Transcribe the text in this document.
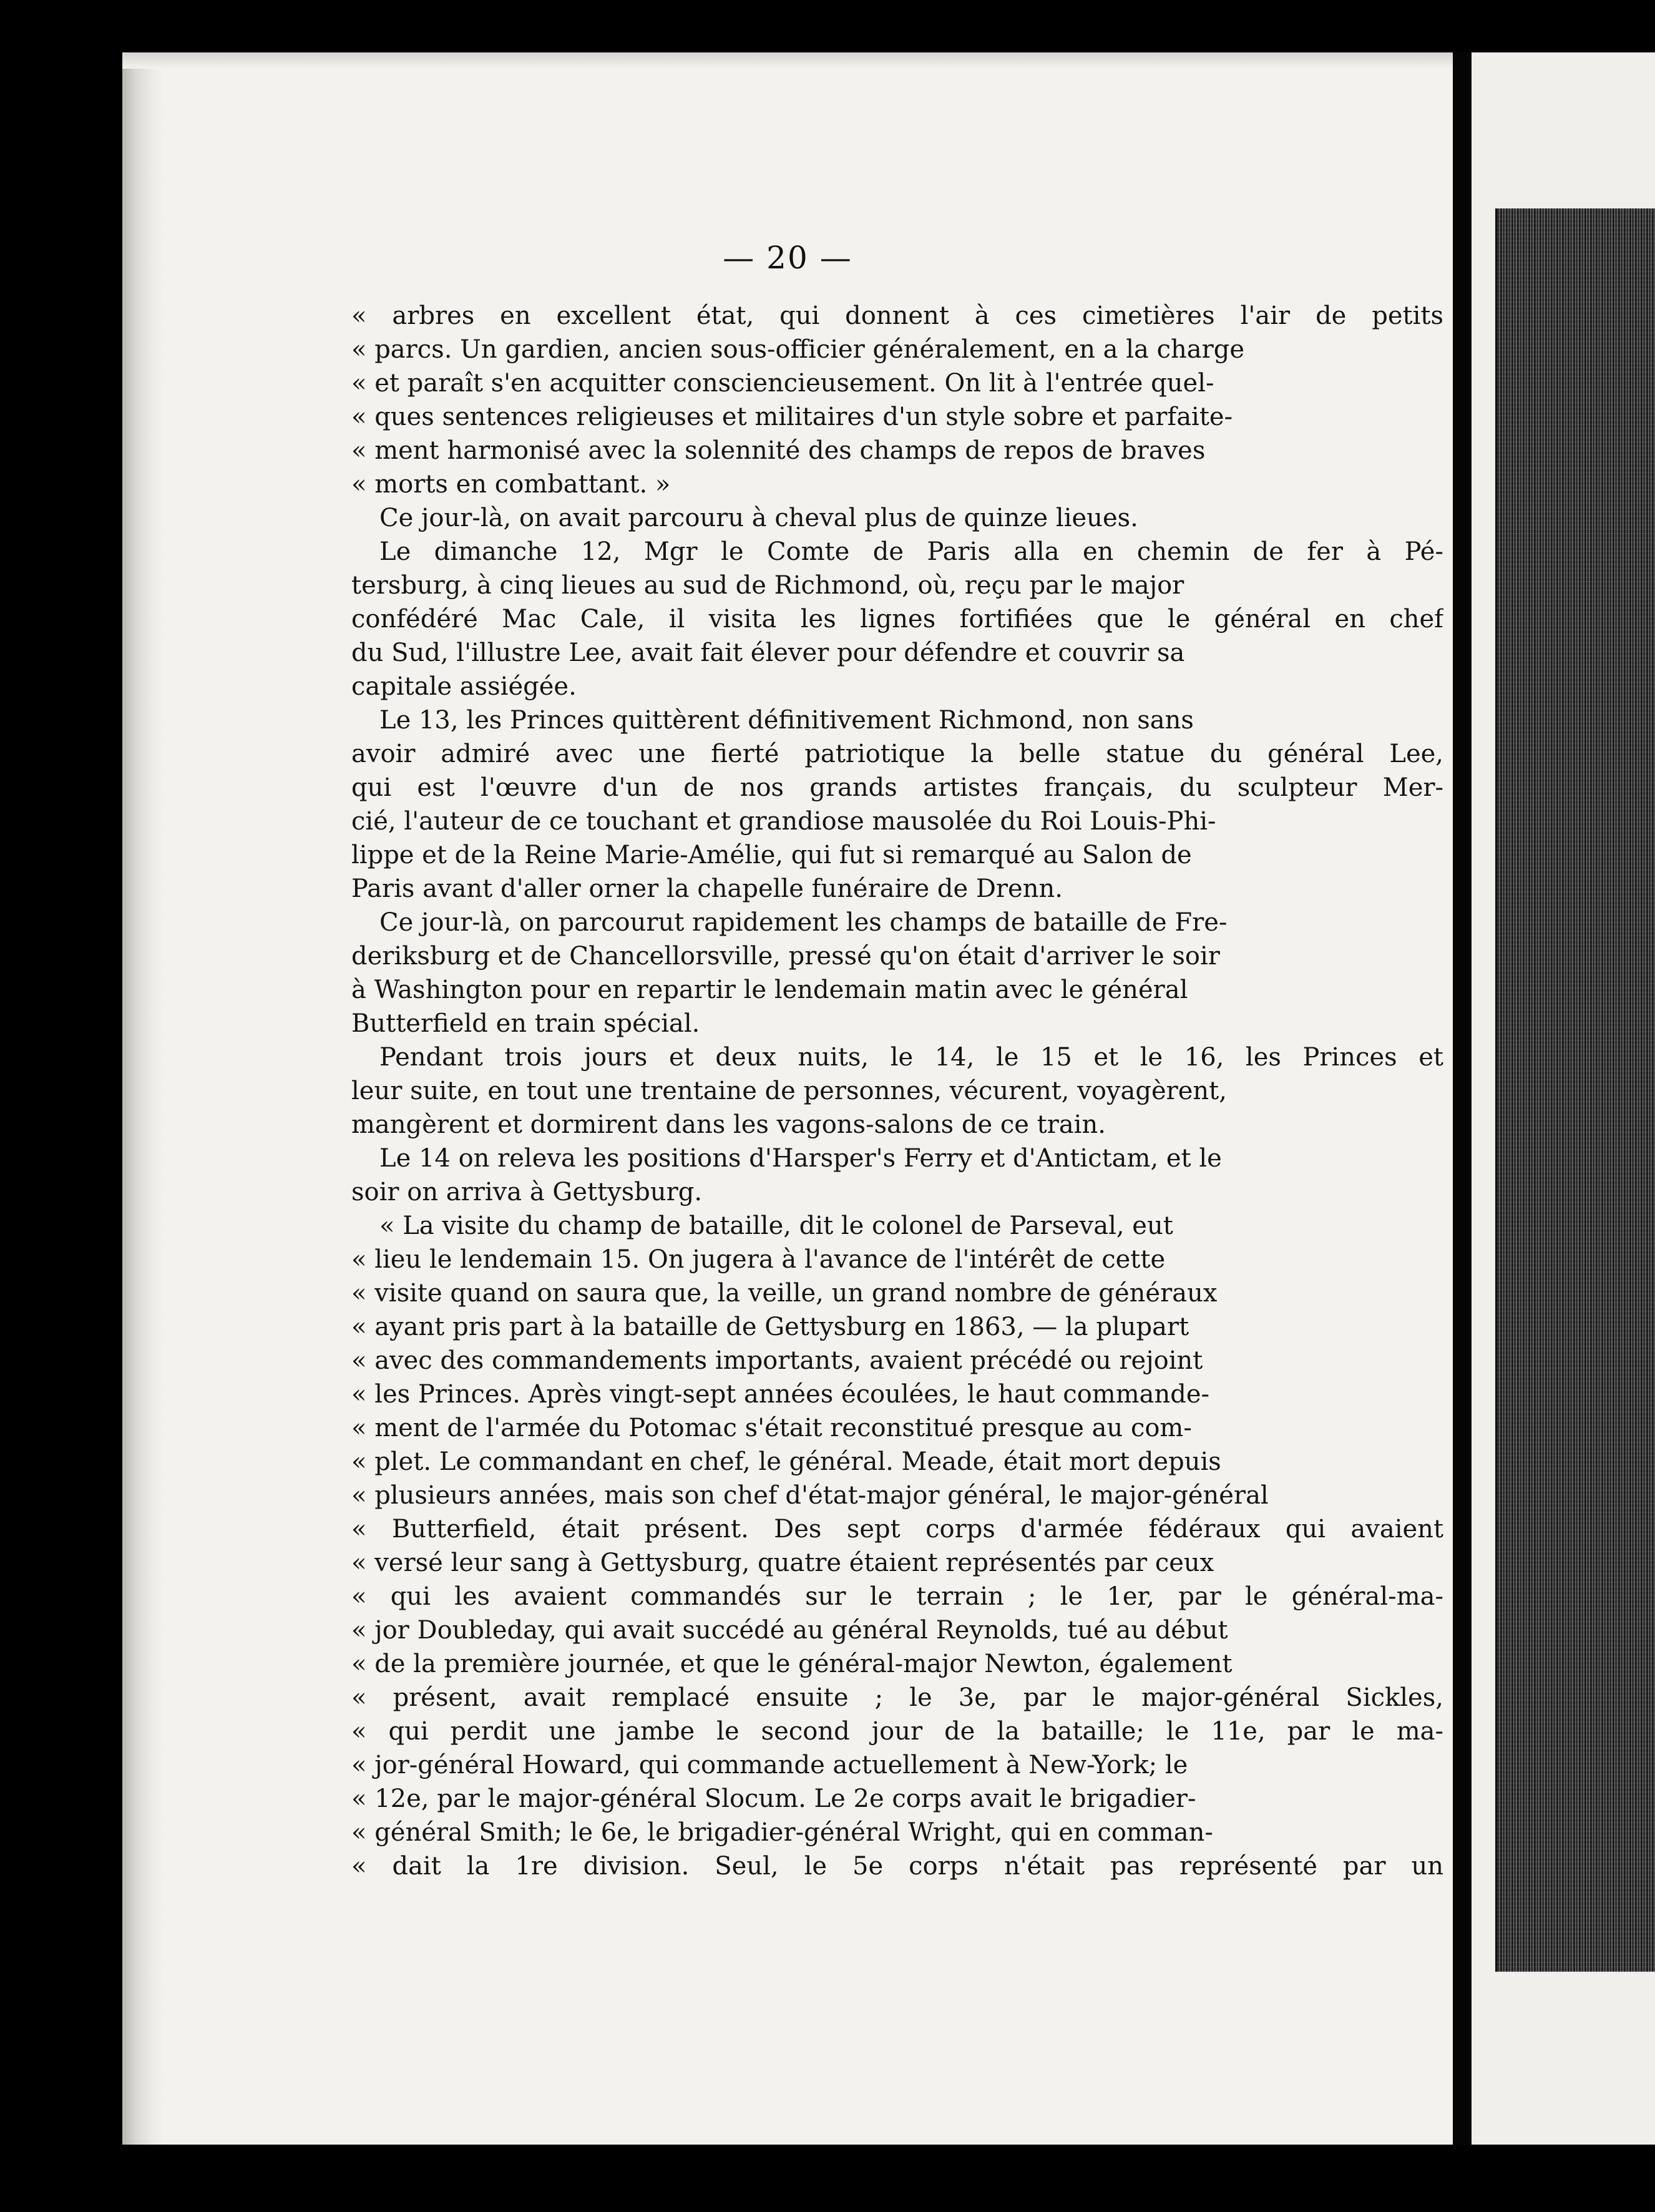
— 20 —
« arbres en excellent état, qui donnent à ces cimetières l'air de petits
« parcs. Un gardien, ancien sous-officier généralement, en a la charge
« et paraît s'en acquitter consciencieusement. On lit à l'entrée quel-
« ques sentences religieuses et militaires d'un style sobre et parfaite-
« ment harmonisé avec la solennité des champs de repos de braves
« morts en combattant. »
Ce jour-là, on avait parcouru à cheval plus de quinze lieues.
Le dimanche 12, Mgr le Comte de Paris alla en chemin de fer à Pé-
tersburg, à cinq lieues au sud de Richmond, où, reçu par le major
confédéré Mac Cale, il visita les lignes fortifiées que le général en chef
du Sud, l'illustre Lee, avait fait élever pour défendre et couvrir sa
capitale assiégée.
Le 13, les Princes quittèrent définitivement Richmond, non sans
avoir admiré avec une fierté patriotique la belle statue du général Lee,
qui est l'œuvre d'un de nos grands artistes français, du sculpteur Mer-
cié, l'auteur de ce touchant et grandiose mausolée du Roi Louis-Phi-
lippe et de la Reine Marie-Amélie, qui fut si remarqué au Salon de
Paris avant d'aller orner la chapelle funéraire de Drenn.
Ce jour-là, on parcourut rapidement les champs de bataille de Fre-
deriksburg et de Chancellorsville, pressé qu'on était d'arriver le soir
à Washington pour en repartir le lendemain matin avec le général
Butterfield en train spécial.
Pendant trois jours et deux nuits, le 14, le 15 et le 16, les Princes et
leur suite, en tout une trentaine de personnes, vécurent, voyagèrent,
mangèrent et dormirent dans les vagons-salons de ce train.
Le 14 on releva les positions d'Harsper's Ferry et d'Antictam, et le
soir on arriva à Gettysburg.
« La visite du champ de bataille, dit le colonel de Parseval, eut
« lieu le lendemain 15. On jugera à l'avance de l'intérêt de cette
« visite quand on saura que, la veille, un grand nombre de généraux
« ayant pris part à la bataille de Gettysburg en 1863, — la plupart
« avec des commandements importants, avaient précédé ou rejoint
« les Princes. Après vingt-sept années écoulées, le haut commande-
« ment de l'armée du Potomac s'était reconstitué presque au com-
« plet. Le commandant en chef, le général. Meade, était mort depuis
« plusieurs années, mais son chef d'état-major général, le major-général
« Butterfield, était présent. Des sept corps d'armée fédéraux qui avaient
« versé leur sang à Gettysburg, quatre étaient représentés par ceux
« qui les avaient commandés sur le terrain ; le 1er, par le général-ma-
« jor Doubleday, qui avait succédé au général Reynolds, tué au début
« de la première journée, et que le général-major Newton, également
« présent, avait remplacé ensuite ; le 3e, par le major-général Sickles,
« qui perdit une jambe le second jour de la bataille; le 11e, par le ma-
« jor-général Howard, qui commande actuellement à New-York; le
« 12e, par le major-général Slocum. Le 2e corps avait le brigadier-
« général Smith; le 6e, le brigadier-général Wright, qui en comman-
« dait la 1re division. Seul, le 5e corps n'était pas représenté par un
